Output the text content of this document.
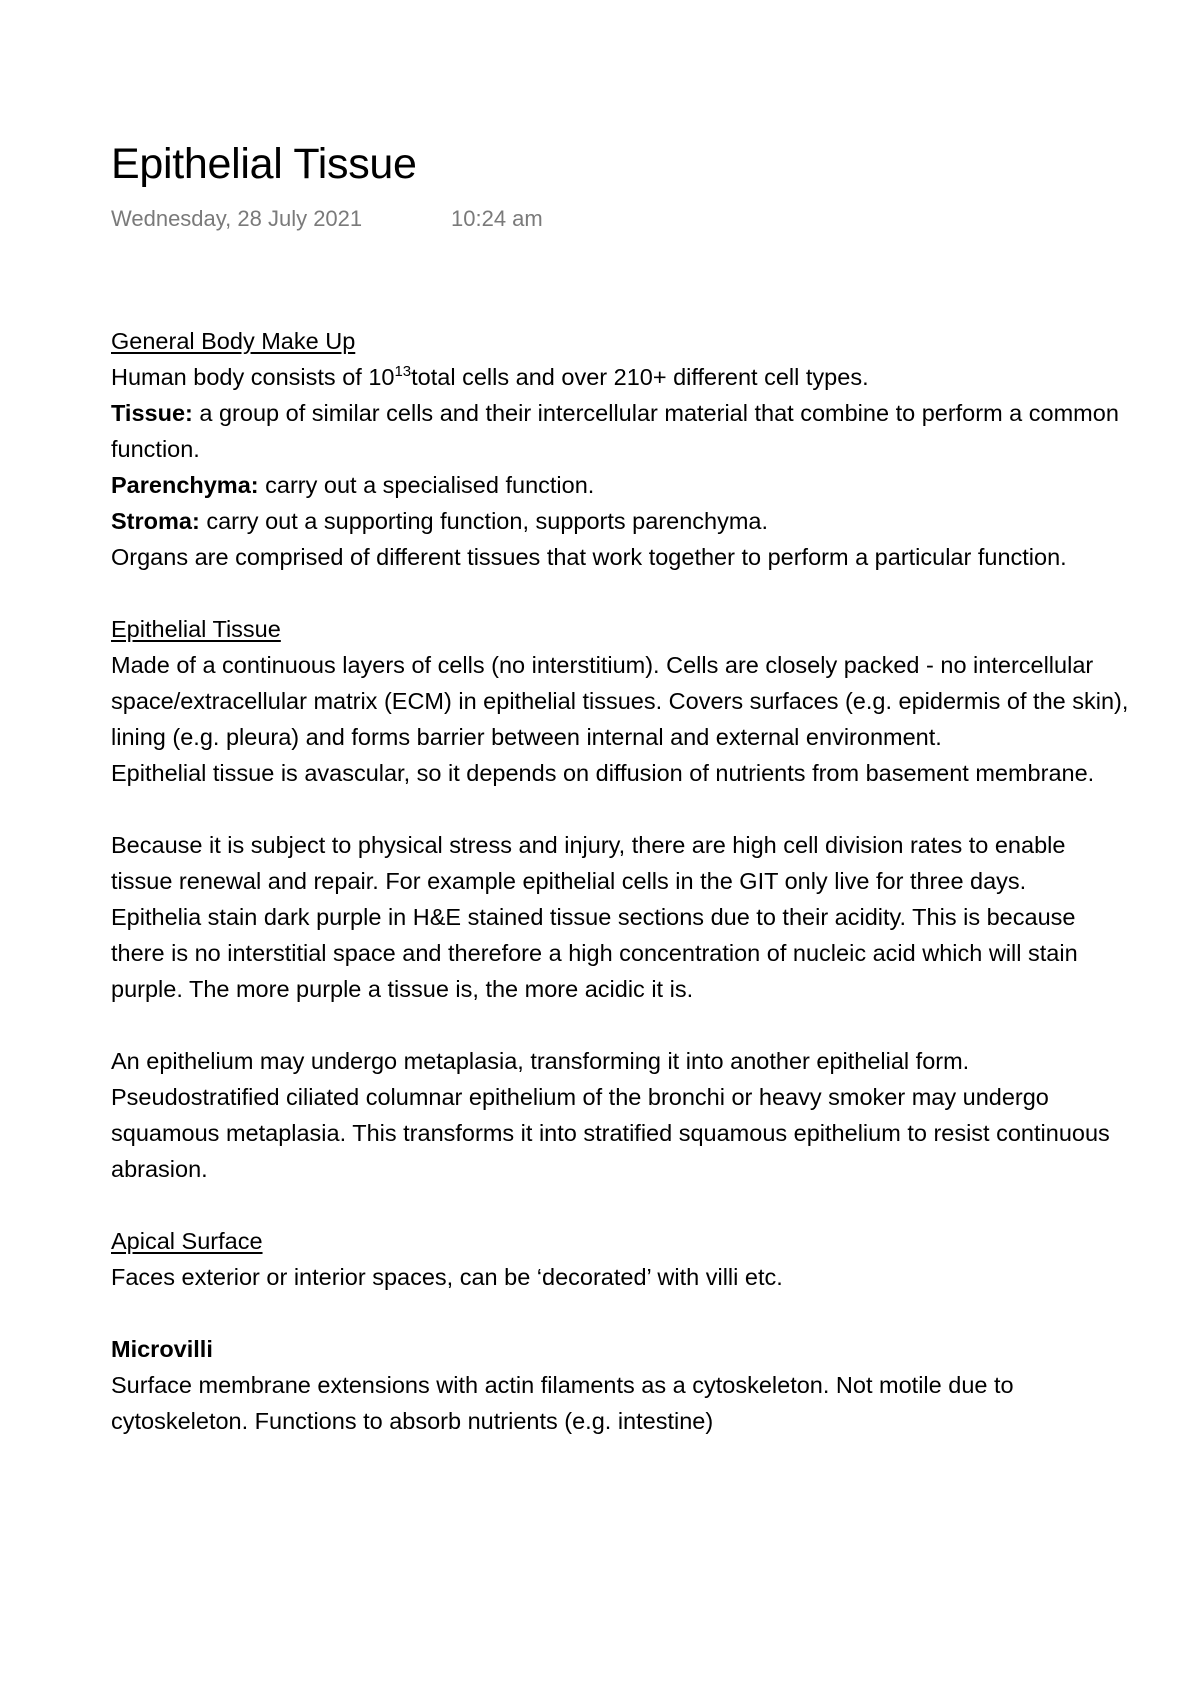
Epithelial Tissue
Wednesday, 28 July 2021	10:24 am

General Body Make Up

Human body consists of $10^{13}total$ cells and over 210+ different cell types.

Tissue: a group of similar cells and their intercellular material that combine to perform a common function.

Parenchyma: carry out a specialised function.

Stroma: carry out a supporting function, supports parenchyma.

Organs are comprised of different tissues that work together to perform a particular function.

Epithelial Tissue

Made of a continuous layers of cells (no interstitium). Cells are closely packed - no intercellular space/extracellular matrix (ECM) in epithelial tissues. Covers surfaces (e.g. epidermis of the skin), lining (e.g. pleura) and forms barrier between internal and external environment.

Epithelial tissue is avascular, so it depends on diffusion of nutrients from basement membrane.

Because it is subject to physical stress and injury, there are high cell division rates to enable tissue renewal and repair. For example epithelial cells in the GIT only live for three days.

Epithelia stain dark purple in H&E stained tissue sections due to their acidity. This is because there is no interstitial space and therefore a high concentration of nucleic acid which will stain purple. The more purple a tissue is, the more acidic it is.

An epithelium may undergo metaplasia, transforming it into another epithelial form. Pseudostratified ciliated columnar epithelium of the bronchi or heavy smoker may undergo squamous metaplasia. This transforms it into stratified squamous epithelium to resist continuous abrasion.

Apical Surface

Faces exterior or interior spaces, can be ‘decorated’ with villi etc.

Microvilli

Surface membrane extensions with actin filaments as a cytoskeleton. Not motile due to cytoskeleton. Functions to absorb nutrients (e.g. intestine)
